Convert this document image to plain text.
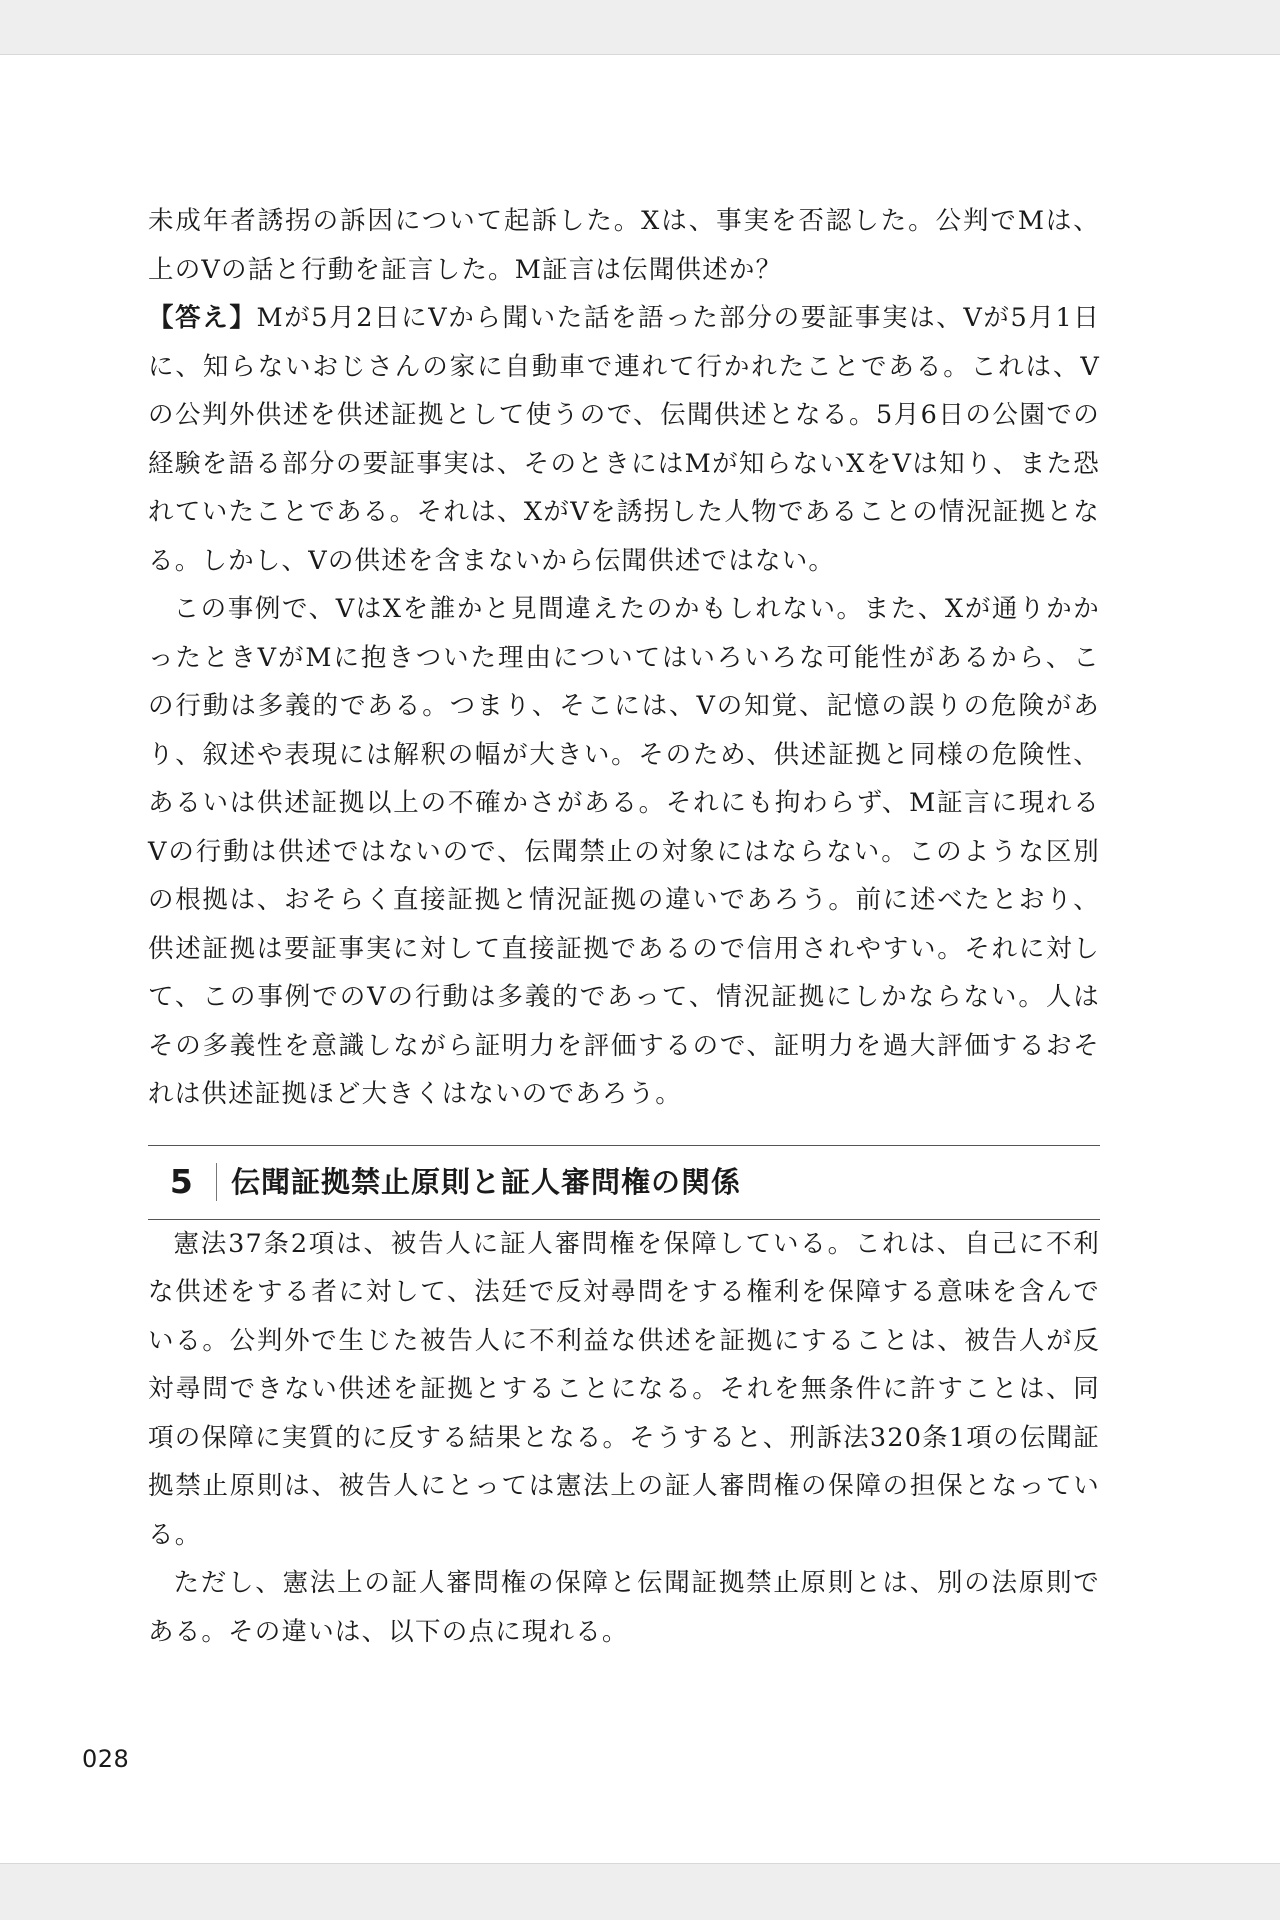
未成年者誘拐の訴因について起訴した。Xは、事実を否認した。公判でMは、上のVの話と行動を証言した。M証言は伝聞供述か？

【答え】Mが5月2日にVから聞いた話を語った部分の要証事実は、Vが5月1日に、知らないおじさんの家に自動車で連れて行かれたことである。これは、Vの公判外供述を供述証拠として使うので、伝聞供述となる。5月6日の公園での経験を語る部分の要証事実は、そのときにはMが知らないXをVは知り、また恐れていたことである。それは、XがVを誘拐した人物であることの情況証拠となる。しかし、Vの供述を含まないから伝聞供述ではない。

この事例で、VはXを誰かと見間違えたのかもしれない。また、Xが通りかかったときVがMに抱きついた理由についてはいろいろな可能性があるから、この行動は多義的である。つまり、そこには、Vの知覚、記憶の誤りの危険があり、叙述や表現には解釈の幅が大きい。そのため、供述証拠と同様の危険性、あるいは供述証拠以上の不確かさがある。それにも拘わらず、M証言に現れるVの行動は供述ではないので、伝聞禁止の対象にはならない。このような区別の根拠は、おそらく直接証拠と情況証拠の違いであろう。前に述べたとおり、供述証拠は要証事実に対して直接証拠であるので信用されやすい。それに対して、この事例でのVの行動は多義的であって、情況証拠にしかならない。人はその多義性を意識しながら証明力を評価するので、証明力を過大評価するおそれは供述証拠ほど大きくはないのであろう。

5	伝聞証拠禁止原則と証人審問権の関係

憲法37条2項は、被告人に証人審問権を保障している。これは、自己に不利な供述をする者に対して、法廷で反対尋問をする権利を保障する意味を含んでいる。公判外で生じた被告人に不利益な供述を証拠にすることは、被告人が反対尋問できない供述を証拠とすることになる。それを無条件に許すことは、同項の保障に実質的に反する結果となる。そうすると、刑訴法320条1項の伝聞証拠禁止原則は、被告人にとっては憲法上の証人審問権の保障の担保となっている。

ただし、憲法上の証人審問権の保障と伝聞証拠禁止原則とは、別の法原則である。その違いは、以下の点に現れる。

028
